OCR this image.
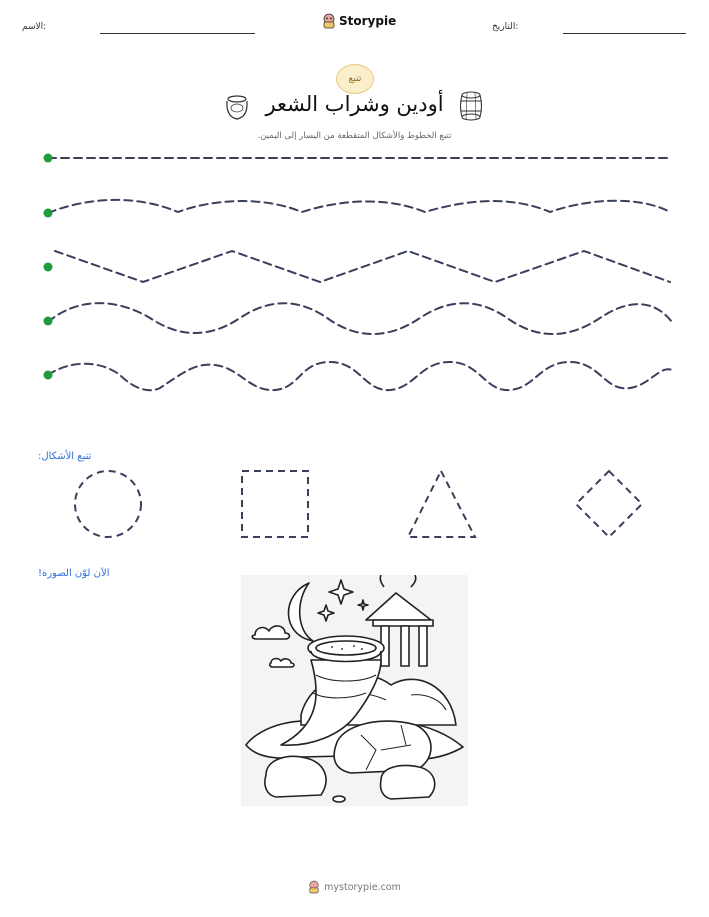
الاسم:	Storypie	التاريخ:
تتبع
أودين وشراب الشعر
تتبع الخطوط والأشكال المتقطعة من اليسار إلى اليمين.
تتبع الأشكال:
الآن لوّن الصورة!
mystorypie.com
